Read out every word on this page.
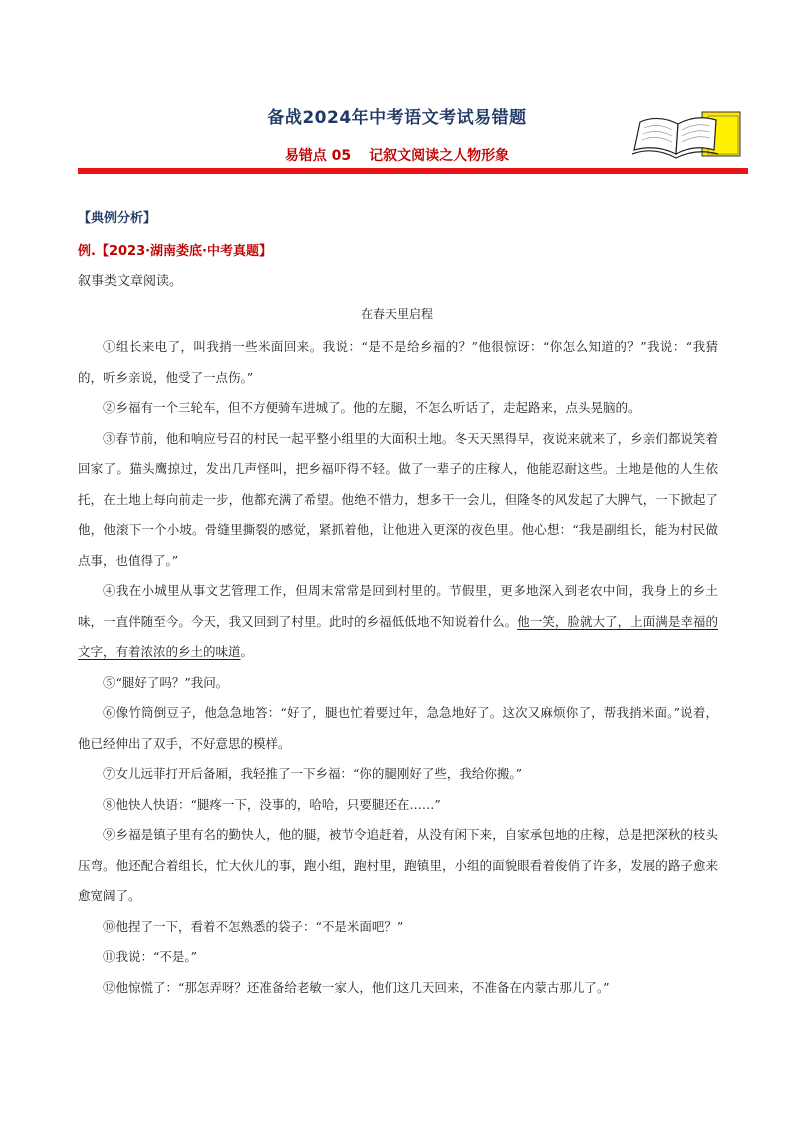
备战2024年中考语文考试易错题
易错点 05 记叙文阅读之人物形象
【典例分析】
例.【2023·湖南娄底·中考真题】
叙事类文章阅读。
在春天里启程

①组长来电了，叫我捎一些米面回来。我说：“是不是给乡福的？”他很惊讶：“你怎么知道的？”我说：“我猜的，听乡亲说，他受了一点伤。”

②乡福有一个三轮车，但不方便骑车进城了。他的左腿，不怎么听话了，走起路来，点头晃脑的。

③春节前，他和响应号召的村民一起平整小组里的大面积土地。冬天天黑得早，夜说来就来了，乡亲们都说笑着回家了。猫头鹰掠过，发出几声怪叫，把乡福吓得不轻。做了一辈子的庄稼人，他能忍耐这些。土地是他的人生依托，在土地上每向前走一步，他都充满了希望。他绝不惜力，想多干一会儿，但隆冬的风发起了大脾气，一下掀起了他，他滚下一个小坡。骨缝里撕裂的感觉，紧抓着他，让他进入更深的夜色里。他心想：“我是副组长，能为村民做点事，也值得了。”

④我在小城里从事文艺管理工作，但周末常常是回到村里的。节假里，更多地深入到老农中间，我身上的乡土味，一直伴随至今。今天，我又回到了村里。此时的乡福低低地不知说着什么。他一笑，脸就大了，上面满是幸福的文字，有着浓浓的乡土的味道。

⑤“腿好了吗？”我问。

⑥像竹筒倒豆子，他急急地答：“好了，腿也忙着要过年，急急地好了。这次又麻烦你了，帮我捎米面。”说着，他已经伸出了双手，不好意思的模样。

⑦女儿远菲打开后备厢，我轻推了一下乡福：“你的腿刚好了些，我给你搬。”

⑧他快人快语：“腿疼一下，没事的，哈哈，只要腿还在……”

⑨乡福是镇子里有名的勤快人，他的腿，被节令追赶着，从没有闲下来，自家承包地的庄稼，总是把深秋的枝头压弯。他还配合着组长，忙大伙儿的事，跑小组，跑村里，跑镇里，小组的面貌眼看着俊俏了许多，发展的路子愈来愈宽阔了。

⑩他捏了一下，看着不怎熟悉的袋子：“不是米面吧？”

⑪我说：“不是。”

⑫他惊慌了：“那怎弄呀？还准备给老敏一家人，他们这几天回来，不准备在内蒙古那儿了。”
